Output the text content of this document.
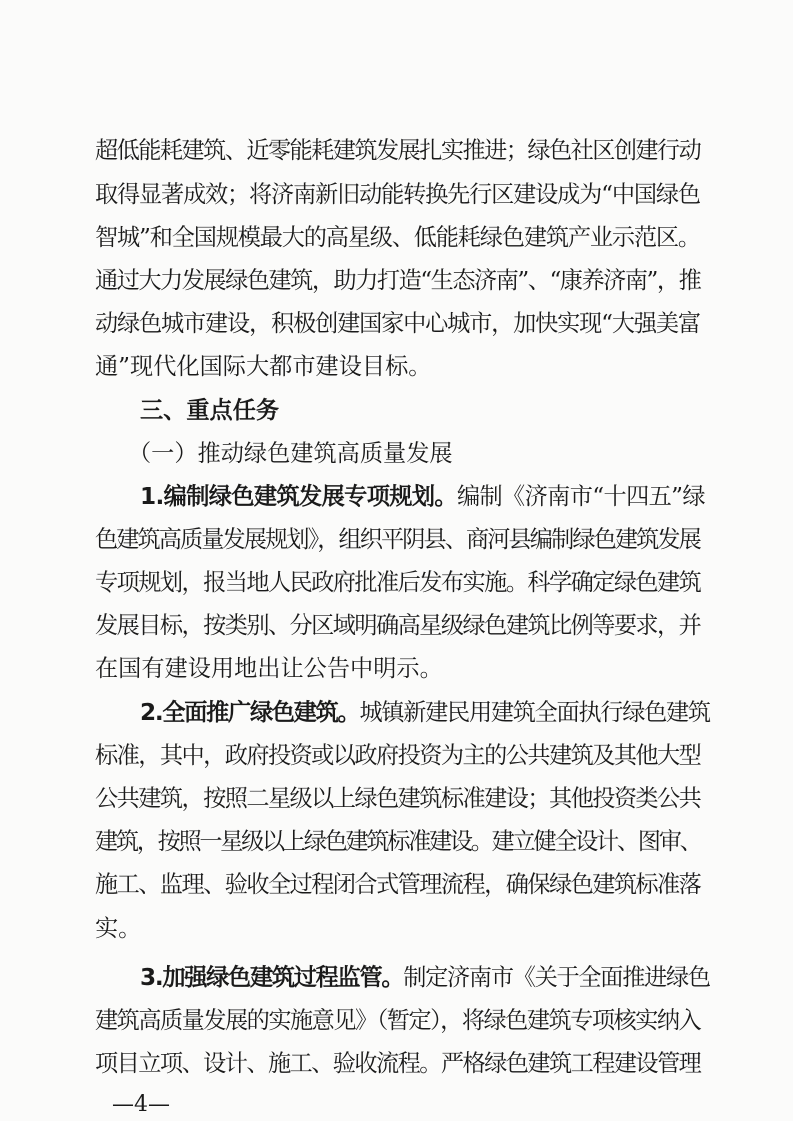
超低能耗建筑、近零能耗建筑发展扎实推进；绿色社区创建行动
取得显著成效；将济南新旧动能转换先行区建设成为“中国绿色
智城”和全国规模最大的高星级、低能耗绿色建筑产业示范区。
通过大力发展绿色建筑，助力打造“生态济南”、“康养济南”，推
动绿色城市建设，积极创建国家中心城市，加快实现“大强美富
通”现代化国际大都市建设目标。
三、重点任务
（一）推动绿色建筑高质量发展
1.编制绿色建筑发展专项规划。编制《济南市“十四五”绿
色建筑高质量发展规划》，组织平阴县、商河县编制绿色建筑发展
专项规划，报当地人民政府批准后发布实施。科学确定绿色建筑
发展目标，按类别、分区域明确高星级绿色建筑比例等要求，并
在国有建设用地出让公告中明示。
2.全面推广绿色建筑。城镇新建民用建筑全面执行绿色建筑
标准，其中，政府投资或以政府投资为主的公共建筑及其他大型
公共建筑，按照二星级以上绿色建筑标准建设；其他投资类公共
建筑，按照一星级以上绿色建筑标准建设。建立健全设计、图审、
施工、监理、验收全过程闭合式管理流程，确保绿色建筑标准落
实。
3.加强绿色建筑过程监管。制定济南市《关于全面推进绿色
建筑高质量发展的实施意见》（暂定），将绿色建筑专项核实纳入
项目立项、设计、施工、验收流程。严格绿色建筑工程建设管理
—4—
